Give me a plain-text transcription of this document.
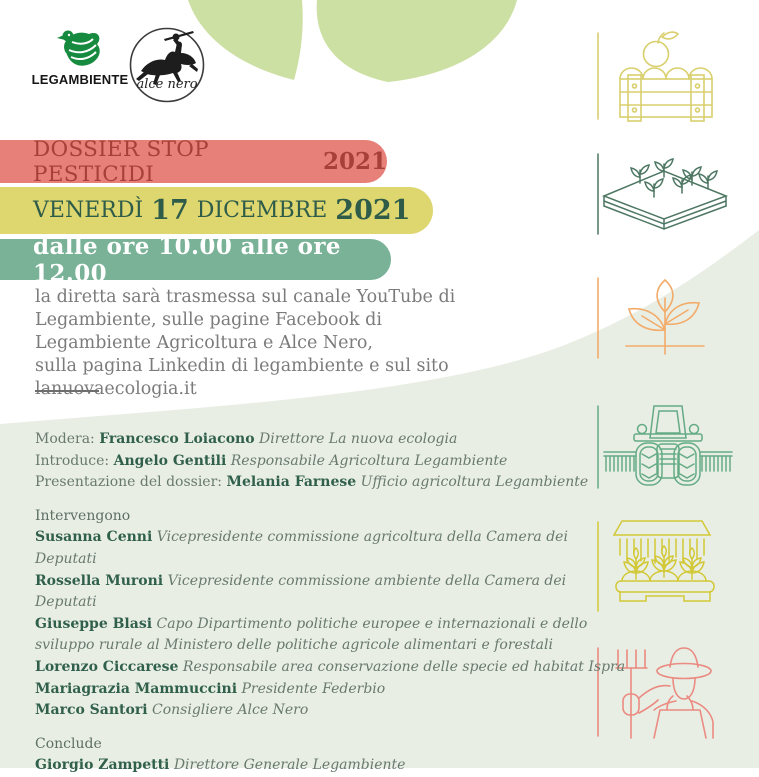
LEGAMBIENTE alce nero
DOSSIER STOP PESTICIDI	2021
VENERDÌ 17 DICEMBRE 2021
dalle ore 10.00 alle ore 12.00
la diretta sarà trasmessa sul canale YouTube di
Legambiente, sulle pagine Facebook di
Legambiente Agricoltura e Alce Nero,
sulla pagina Linkedin di legambiente e sul sito
lanuovaecologia.it
Modera: Francesco Loiacono Direttore La nuova ecologia
Introduce: Angelo Gentili Responsabile Agricoltura Legambiente
Presentazione del dossier: Melania Farnese Ufficio agricoltura Legambiente
Intervengono
Susanna Cenni Vicepresidente commissione agricoltura della Camera dei Deputati
Rossella Muroni Vicepresidente commissione ambiente della Camera dei Deputati
Giuseppe Blasi Capo Dipartimento politiche europee e internazionali e dello sviluppo rurale al Ministero delle politiche agricole alimentari e forestali
Lorenzo Ciccarese Responsabile area conservazione delle specie ed habitat Ispra
Mariagrazia Mammuccini Presidente Federbio
Marco Santori Consigliere Alce Nero
Conclude
Giorgio Zampetti Direttore Generale Legambiente
